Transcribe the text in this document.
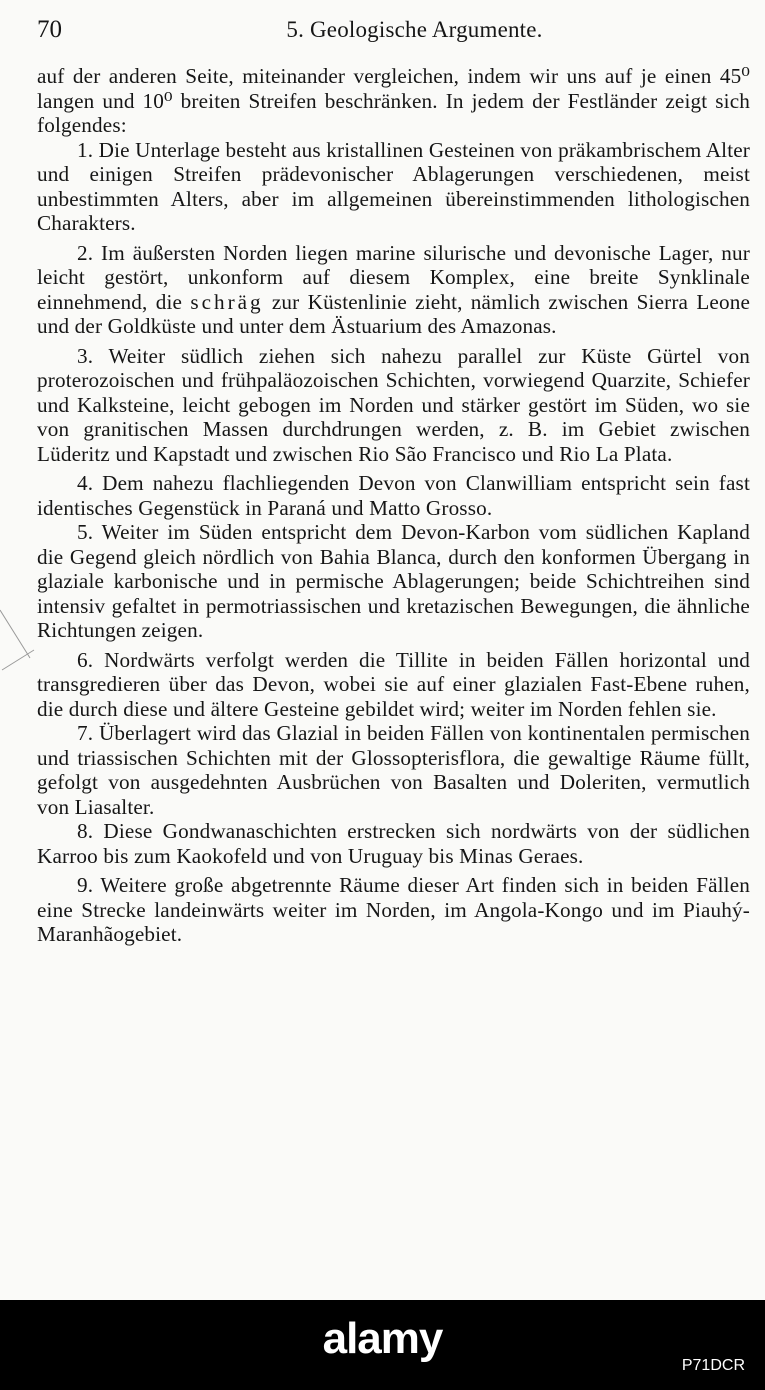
70	5. Geologische Argumente.

auf der anderen Seite, miteinander vergleichen, indem wir uns auf je einen 45⁰ langen und 10⁰ breiten Streifen beschränken. In jedem der Festländer zeigt sich folgendes:

1. Die Unterlage besteht aus kristallinen Gesteinen von präkambrischem Alter und einigen Streifen prädevonischer Ablagerungen verschiedenen, meist unbestimmten Alters, aber im allgemeinen übereinstimmenden lithologischen Charakters.

2. Im äußersten Norden liegen marine silurische und devonische Lager, nur leicht gestört, unkonform auf diesem Komplex, eine breite Synklinale einnehmend, die schräg zur Küstenlinie zieht, nämlich zwischen Sierra Leone und der Goldküste und unter dem Ästuarium des Amazonas.

3. Weiter südlich ziehen sich nahezu parallel zur Küste Gürtel von proterozoischen und frühpaläozoischen Schichten, vorwiegend Quarzite, Schiefer und Kalksteine, leicht gebogen im Norden und stärker gestört im Süden, wo sie von granitischen Massen durchdrungen werden, z. B. im Gebiet zwischen Lüderitz und Kapstadt und zwischen Rio São Francisco und Rio La Plata.

4. Dem nahezu flachliegenden Devon von Clanwilliam entspricht sein fast identisches Gegenstück in Paraná und Matto Grosso.

5. Weiter im Süden entspricht dem Devon-Karbon vom südlichen Kapland die Gegend gleich nördlich von Bahia Blanca, durch den konformen Übergang in glaziale karbonische und in permische Ablagerungen; beide Schichtreihen sind intensiv gefaltet in permotriassischen und kretazischen Bewegungen, die ähnliche Richtungen zeigen.

6. Nordwärts verfolgt werden die Tillite in beiden Fällen horizontal und transgredieren über das Devon, wobei sie auf einer glazialen Fast-Ebene ruhen, die durch diese und ältere Gesteine gebildet wird; weiter im Norden fehlen sie.

7. Überlagert wird das Glazial in beiden Fällen von kontinentalen permischen und triassischen Schichten mit der Glossopterisflora, die gewaltige Räume füllt, gefolgt von ausgedehnten Ausbrüchen von Basalten und Doleriten, vermutlich von Liasalter.

8. Diese Gondwanaschichten erstrecken sich nordwärts von der südlichen Karroo bis zum Kaokofeld und von Uruguay bis Minas Geraes.

9. Weitere große abgetrennte Räume dieser Art finden sich in beiden Fällen eine Strecke landeinwärts weiter im Norden, im Angola-Kongo und im Piauhý-Maranhãogebiet.

alamy
P71DCR
